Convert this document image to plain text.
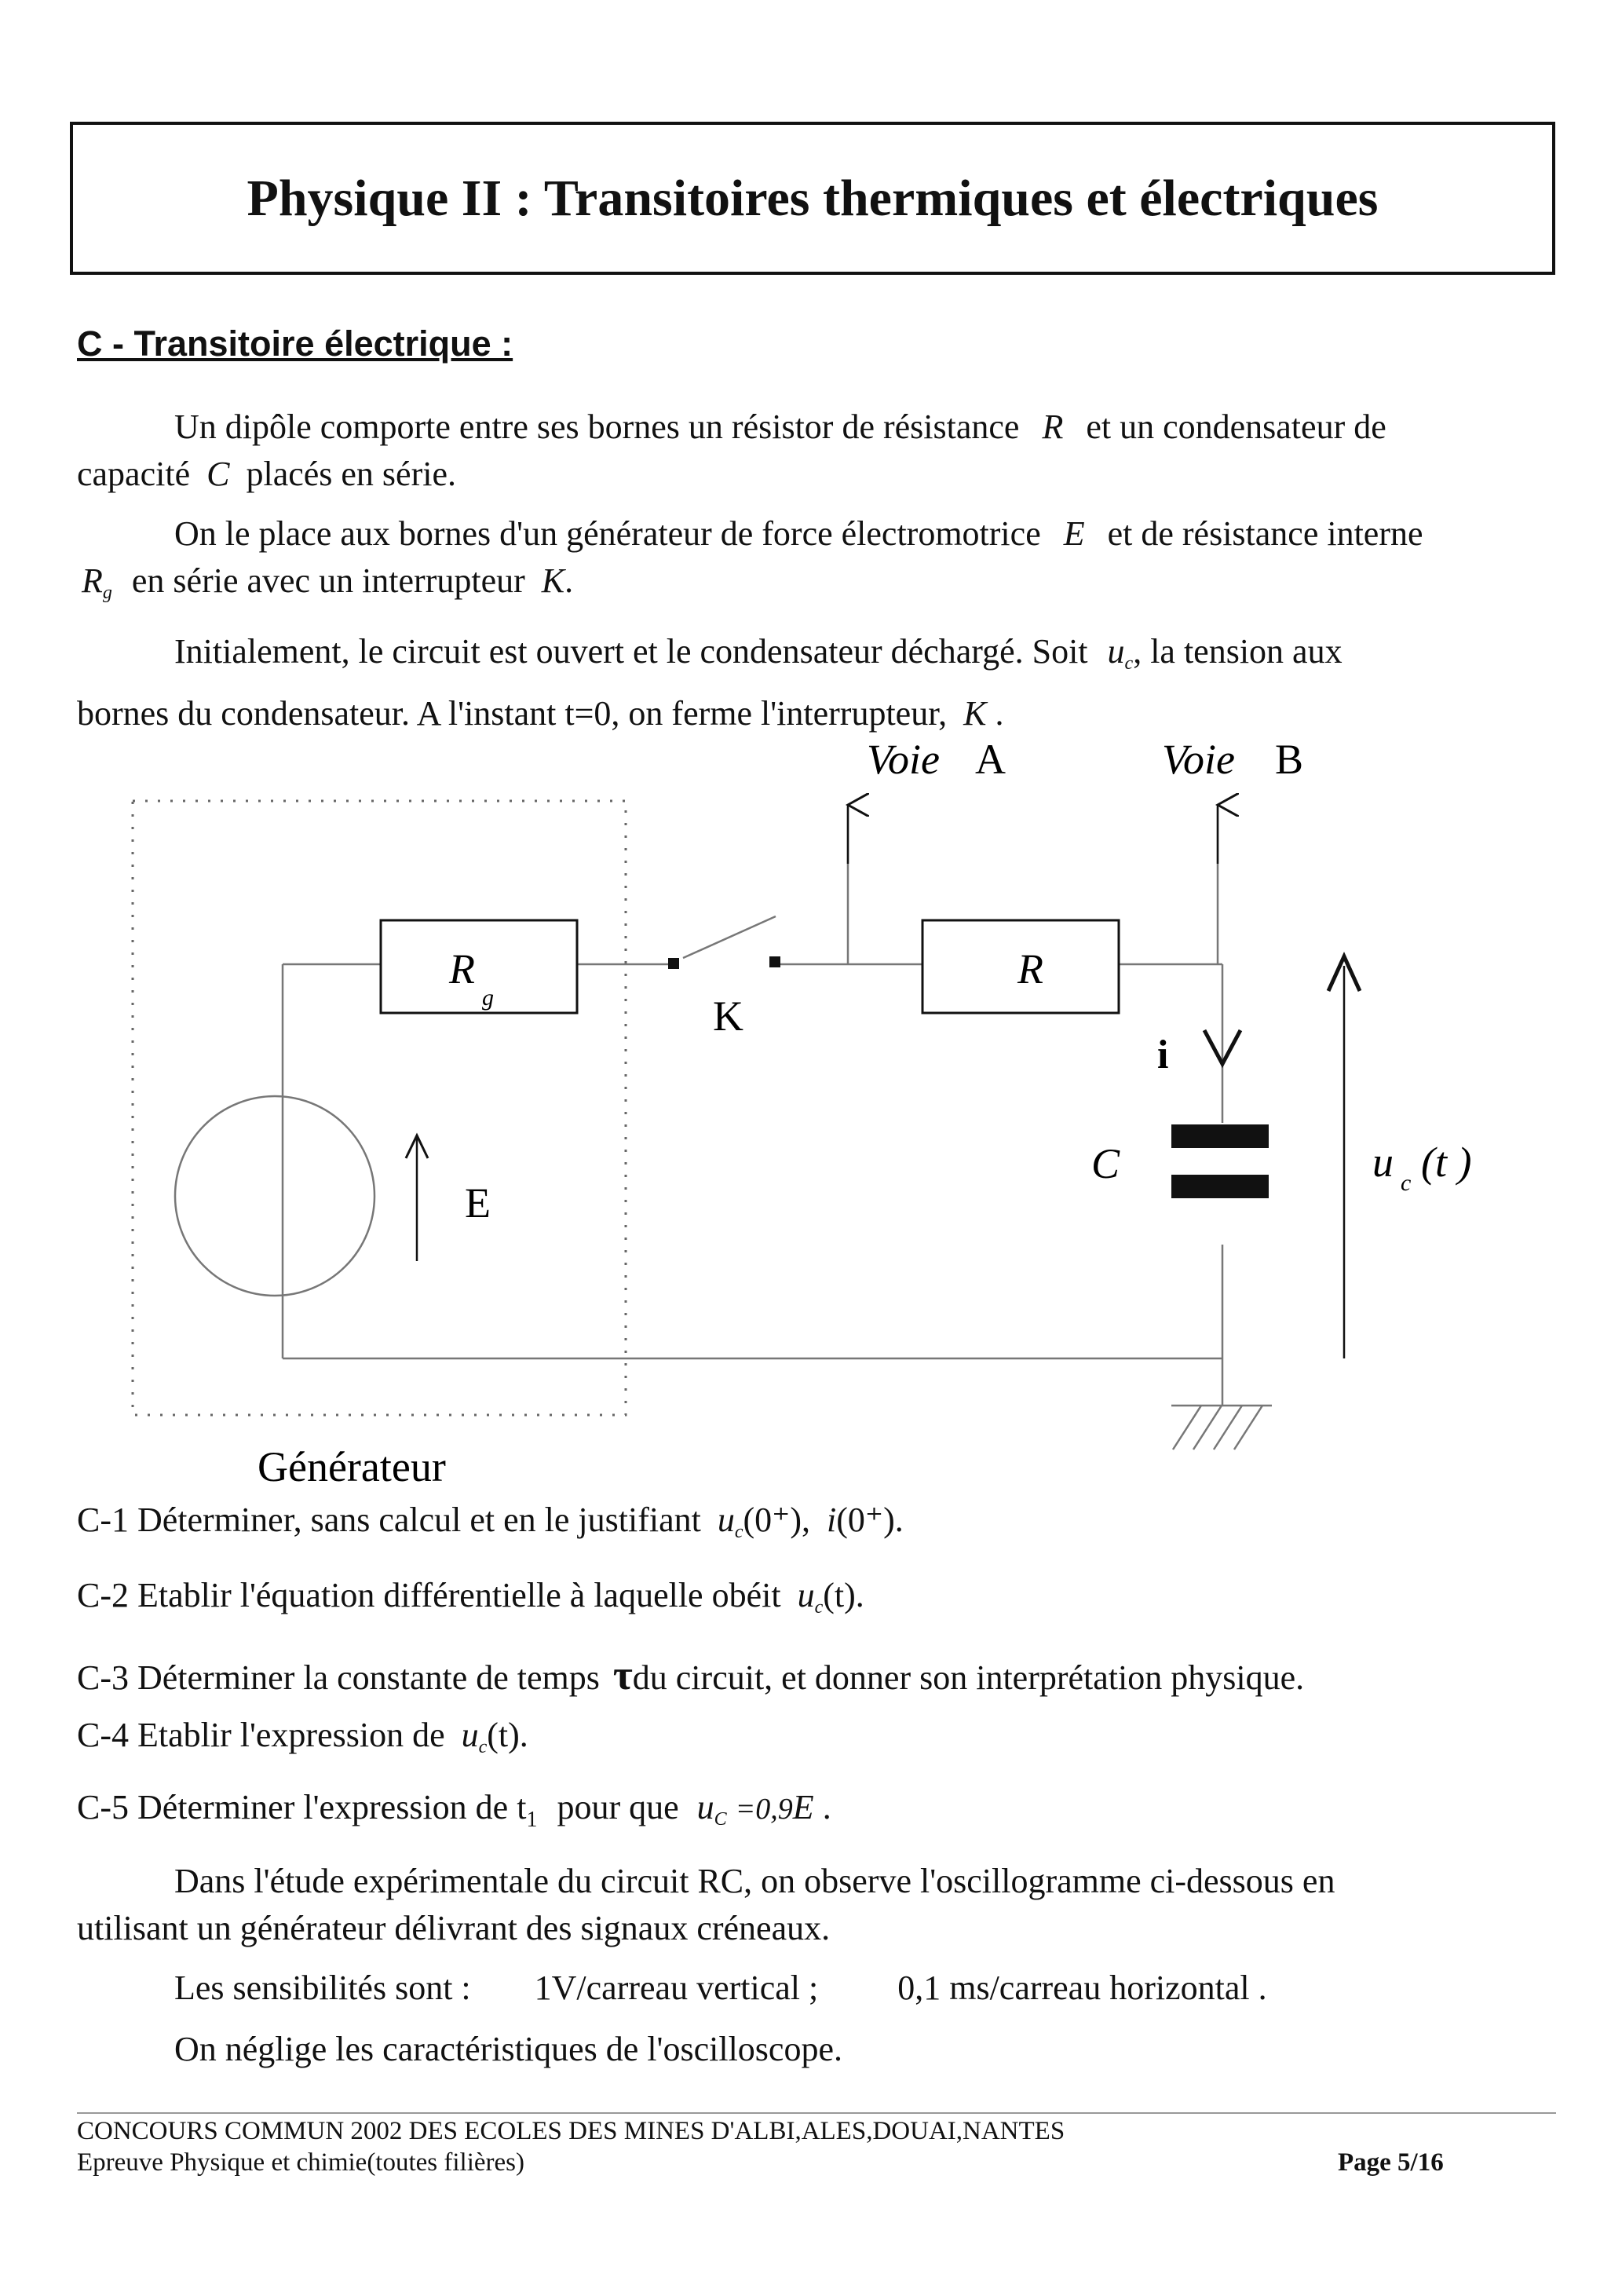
Physique II : Transitoires thermiques et électriques
C - Transitoire électrique :
Un dipôle comporte entre ses bornes un résistor de résistance R et un condensateur de
capacité C placés en série.
On le place aux bornes d'un générateur de force électromotrice E et de résistance interne
$R_g$ en série avec un interrupteur K.
Initialement, le circuit est ouvert et le condensateur déchargé. Soit $u_c$, la tension aux
bornes du condensateur. A l'instant t=0, on ferme l'interrupteur, K .
R
g	K
R
i
C
E
u c (t )
Voie A	Voie B
Générateur
C-1 Déterminer, sans calcul et en le justifiant $u_c(0^+)$, i(0⁺).
C-2 Etablir l'équation différentielle à laquelle obéit $u_c(t)$.
C-3 Déterminer la constante de temps τdu circuit, et donner son interprétation physique.
C-4 Etablir l'expression de $u_c(t)$.
C-5 Déterminer l'expression de $t_1$ pour que $u_C =0,9E$ .
Dans l'étude expérimentale du circuit RC, on observe l'oscillogramme ci-dessous en
utilisant un générateur délivrant des signaux créneaux.
Les sensibilités sont : 1V/carreau vertical ; 0,1 ms/carreau horizontal .
On néglige les caractéristiques de l'oscilloscope.
CONCOURS COMMUN 2002 DES ECOLES DES MINES D'ALBI,ALES,DOUAI,NANTES
Epreuve Physique et chimie(toutes filières)	Page 5/16
